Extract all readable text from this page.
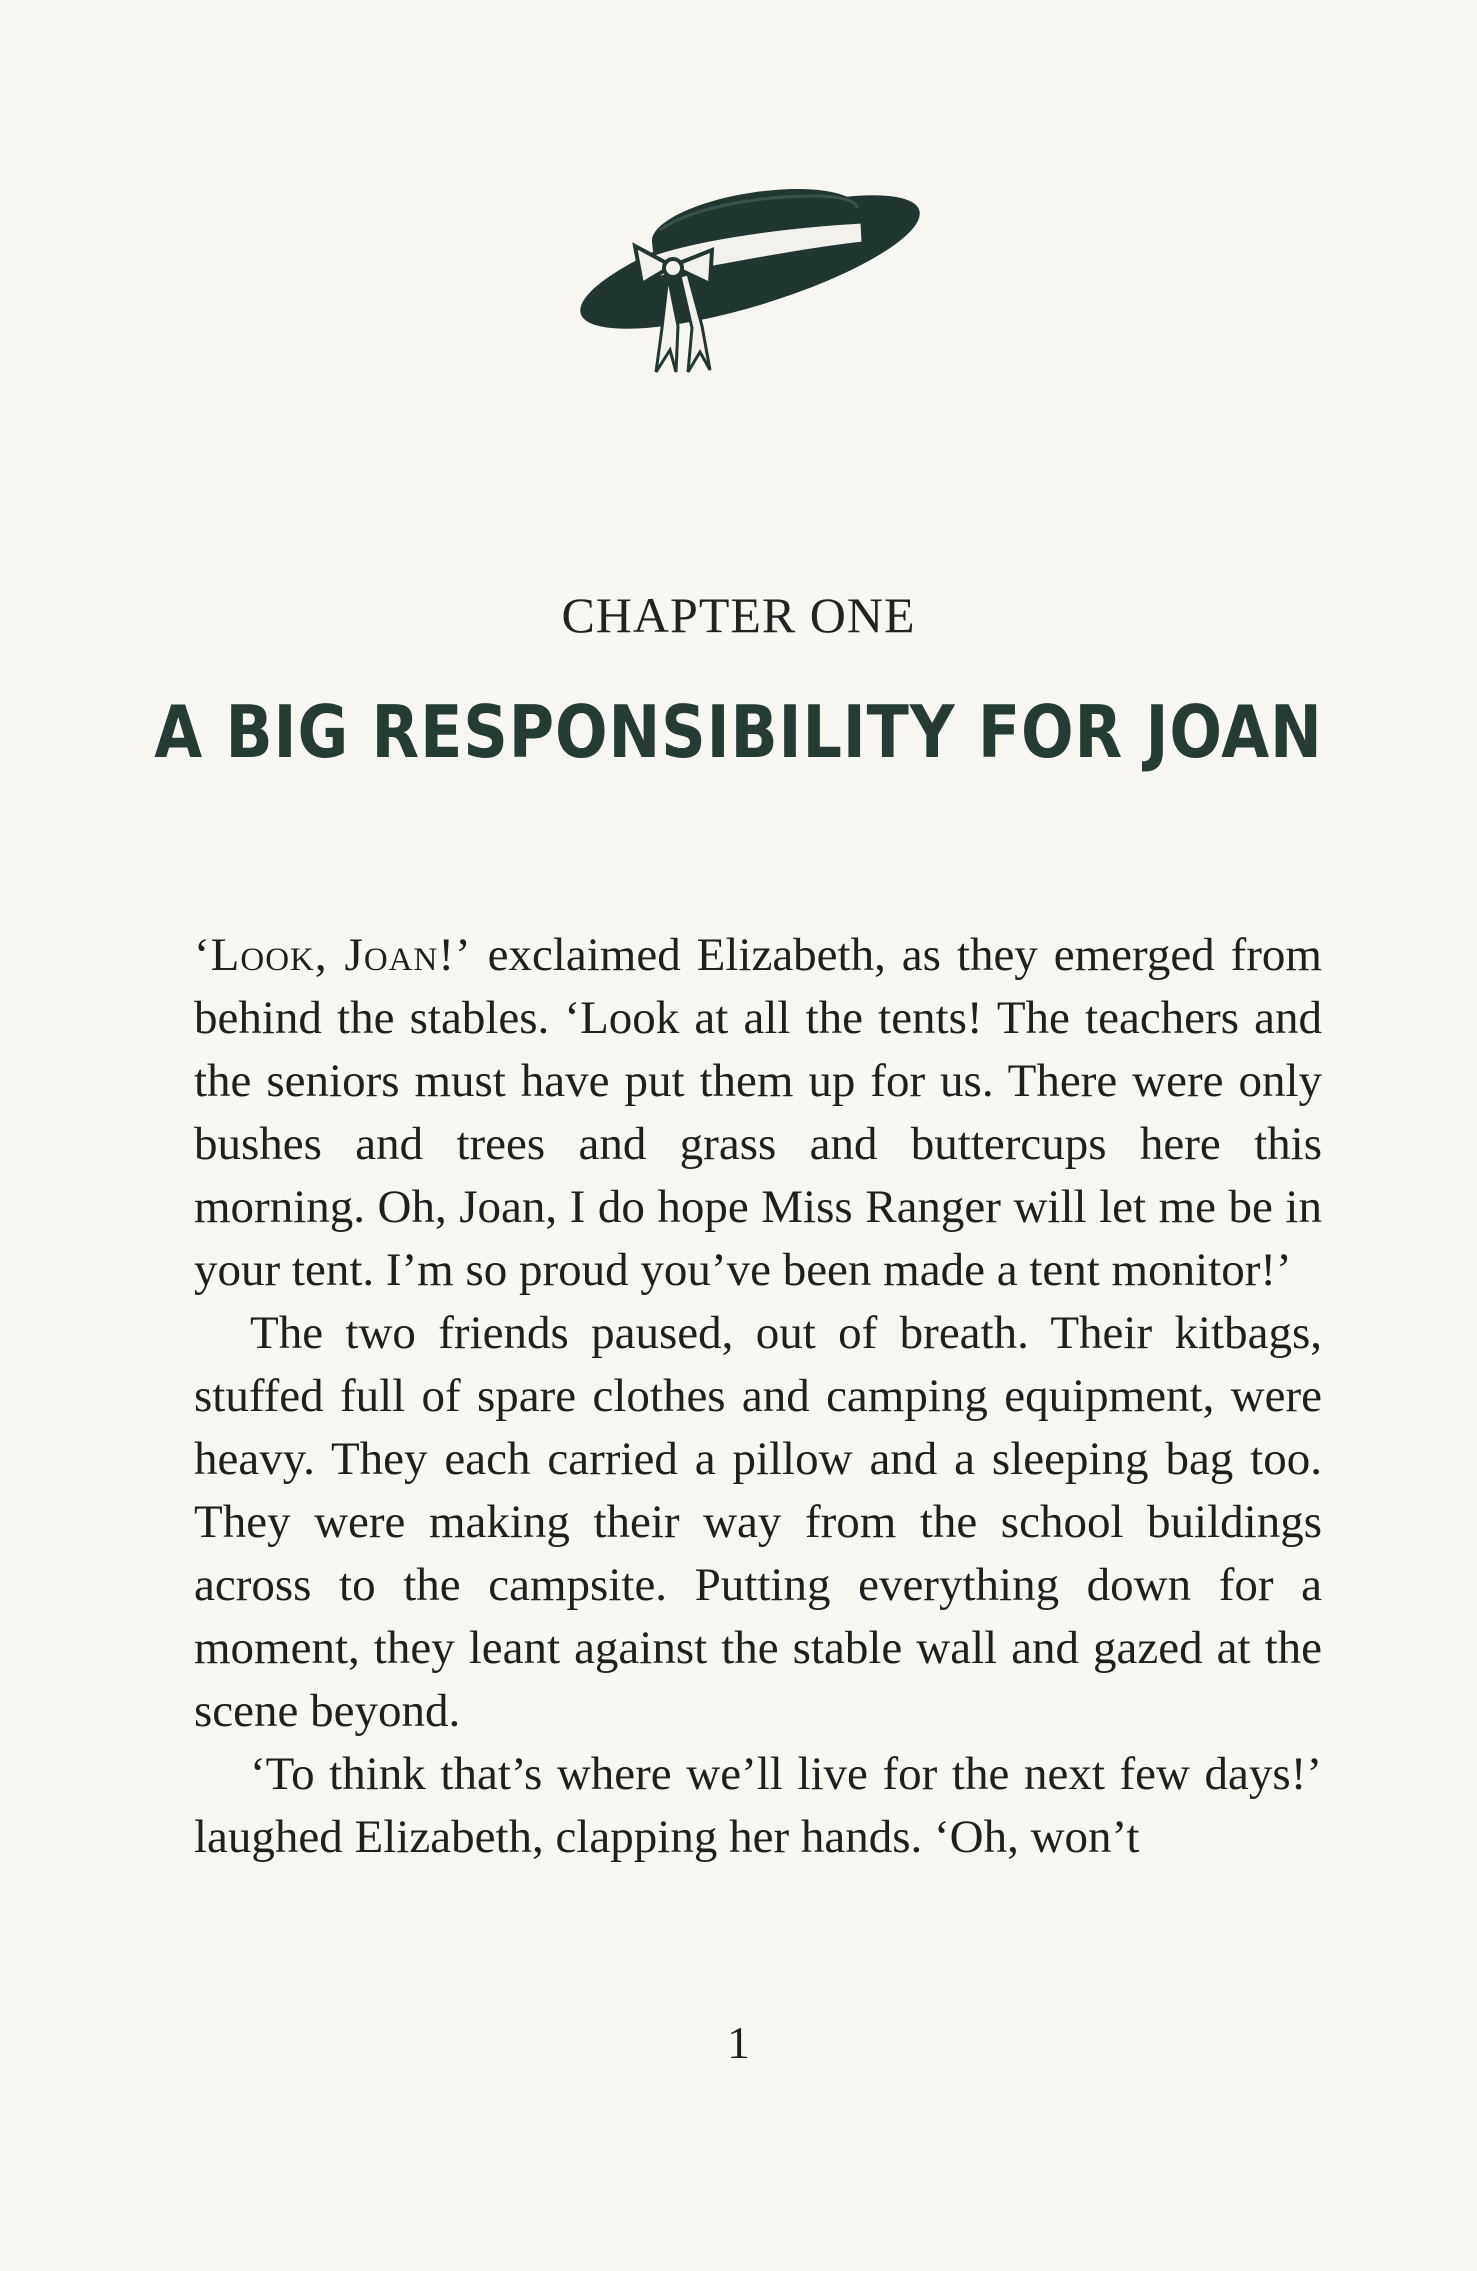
CHAPTER ONE
A BIG RESPONSIBILITY FOR JOAN

‘Look, Joan!’ exclaimed Elizabeth, as they emerged from behind the stables. ‘Look at all the tents! The teachers and the seniors must have put them up for us. There were only bushes and trees and grass and buttercups here this morning. Oh, Joan, I do hope Miss Ranger will let me be in your tent. I’m so proud you’ve been made a tent monitor!’

The two friends paused, out of breath. Their kitbags, stuffed full of spare clothes and camping equipment, were heavy. They each carried a pillow and a sleeping bag too. They were making their way from the school buildings across to the campsite. Putting everything down for a moment, they leant against the stable wall and gazed at the scene beyond.

‘To think that’s where we’ll live for the next few days!’ laughed Elizabeth, clapping her hands. ‘Oh, won’t

1
